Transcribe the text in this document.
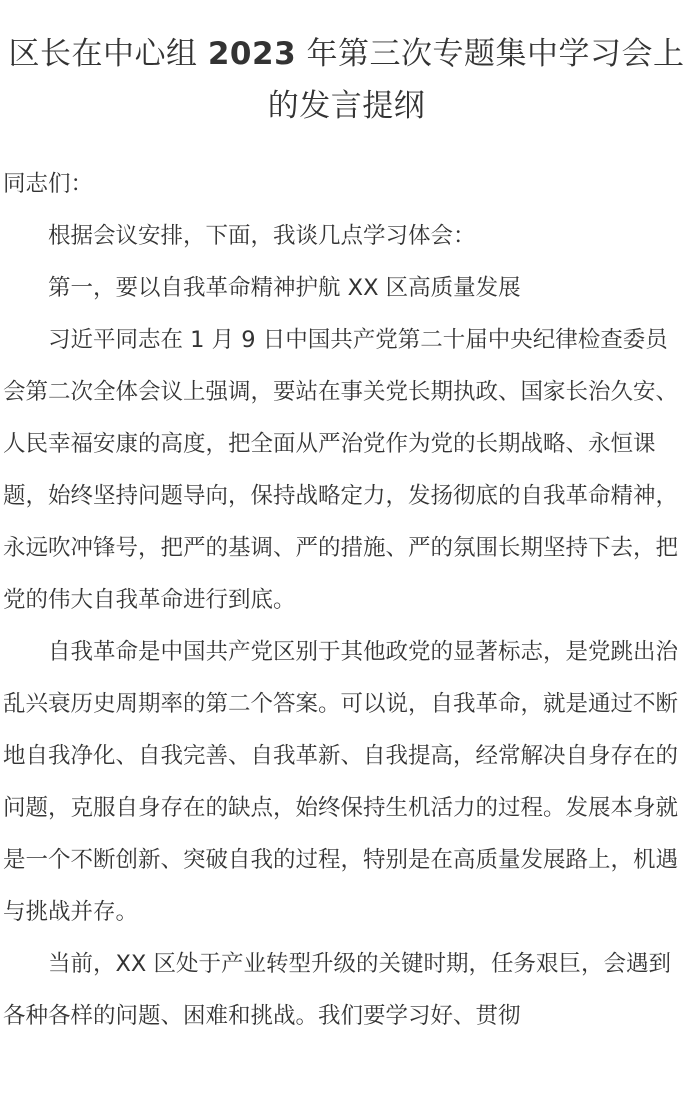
区长在中心组 2023 年第三次专题集中学习会上的发言提纲

同志们：

根据会议安排，下面，我谈几点学习体会：

第一，要以自我革命精神护航 XX 区高质量发展

习近平同志在 1 月 9 日中国共产党第二十届中央纪律检查委员会第二次全体会议上强调，要站在事关党长期执政、国家长治久安、人民幸福安康的高度，把全面从严治党作为党的长期战略、永恒课题，始终坚持问题导向，保持战略定力，发扬彻底的自我革命精神，永远吹冲锋号，把严的基调、严的措施、严的氛围长期坚持下去，把党的伟大自我革命进行到底。

自我革命是中国共产党区别于其他政党的显著标志，是党跳出治乱兴衰历史周期率的第二个答案。可以说，自我革命，就是通过不断地自我净化、自我完善、自我革新、自我提高，经常解决自身存在的问题，克服自身存在的缺点，始终保持生机活力的过程。发展本身就是一个不断创新、突破自我的过程，特别是在高质量发展路上，机遇与挑战并存。

当前，XX 区处于产业转型升级的关键时期，任务艰巨，会遇到各种各样的问题、困难和挑战。我们要学习好、贯彻
